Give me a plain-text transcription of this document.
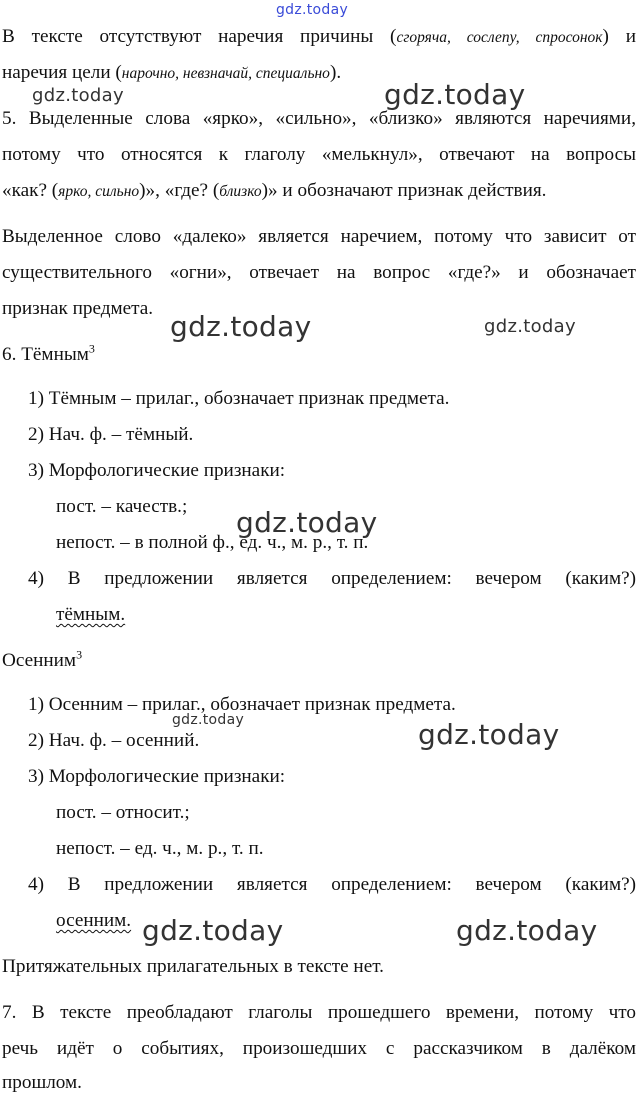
gdz.today
gdz.today	gdz.today
gdz.today	gdz.today
gdz.today
gdz.today	gdz.today
gdz.today	gdz.today
В тексте отсутствуют наречия причины (сгоряча, сослепу, спросонок) и
наречия цели (нарочно, невзначай, специально).
5. Выделенные слова «ярко», «сильно», «близко» являются наречиями,
потому что относятся к глаголу «мелькнул», отвечают на вопросы
«как? (ярко, сильно)», «где? (близко)» и обозначают признак действия.
Выделенное слово «далеко» является наречием, потому что зависит от
существительного «огни», отвечает на вопрос «где?» и обозначает
признак предмета.
6. Тёмным$^3$
1) Тёмным – прилаг., обозначает признак предмета.
2) Нач. ф. – тёмный.
3) Морфологические признаки:
пост. – качеств.;
непост. – в полной ф., ед. ч., м. р., т. п.
4) В предложении является определением: вечером (каким?)
тёмным.
Осенним$^3$
1) Осенним – прилаг., обозначает признак предмета.
2) Нач. ф. – осенний.
3) Морфологические признаки:
пост. – относит.;
непост. – ед. ч., м. р., т. п.
4) В предложении является определением: вечером (каким?)
осенним.
Притяжательных прилагательных в тексте нет.
7. В тексте преобладают глаголы прошедшего времени, потому что
речь идёт о событиях, произошедших с рассказчиком в далёком
прошлом.
